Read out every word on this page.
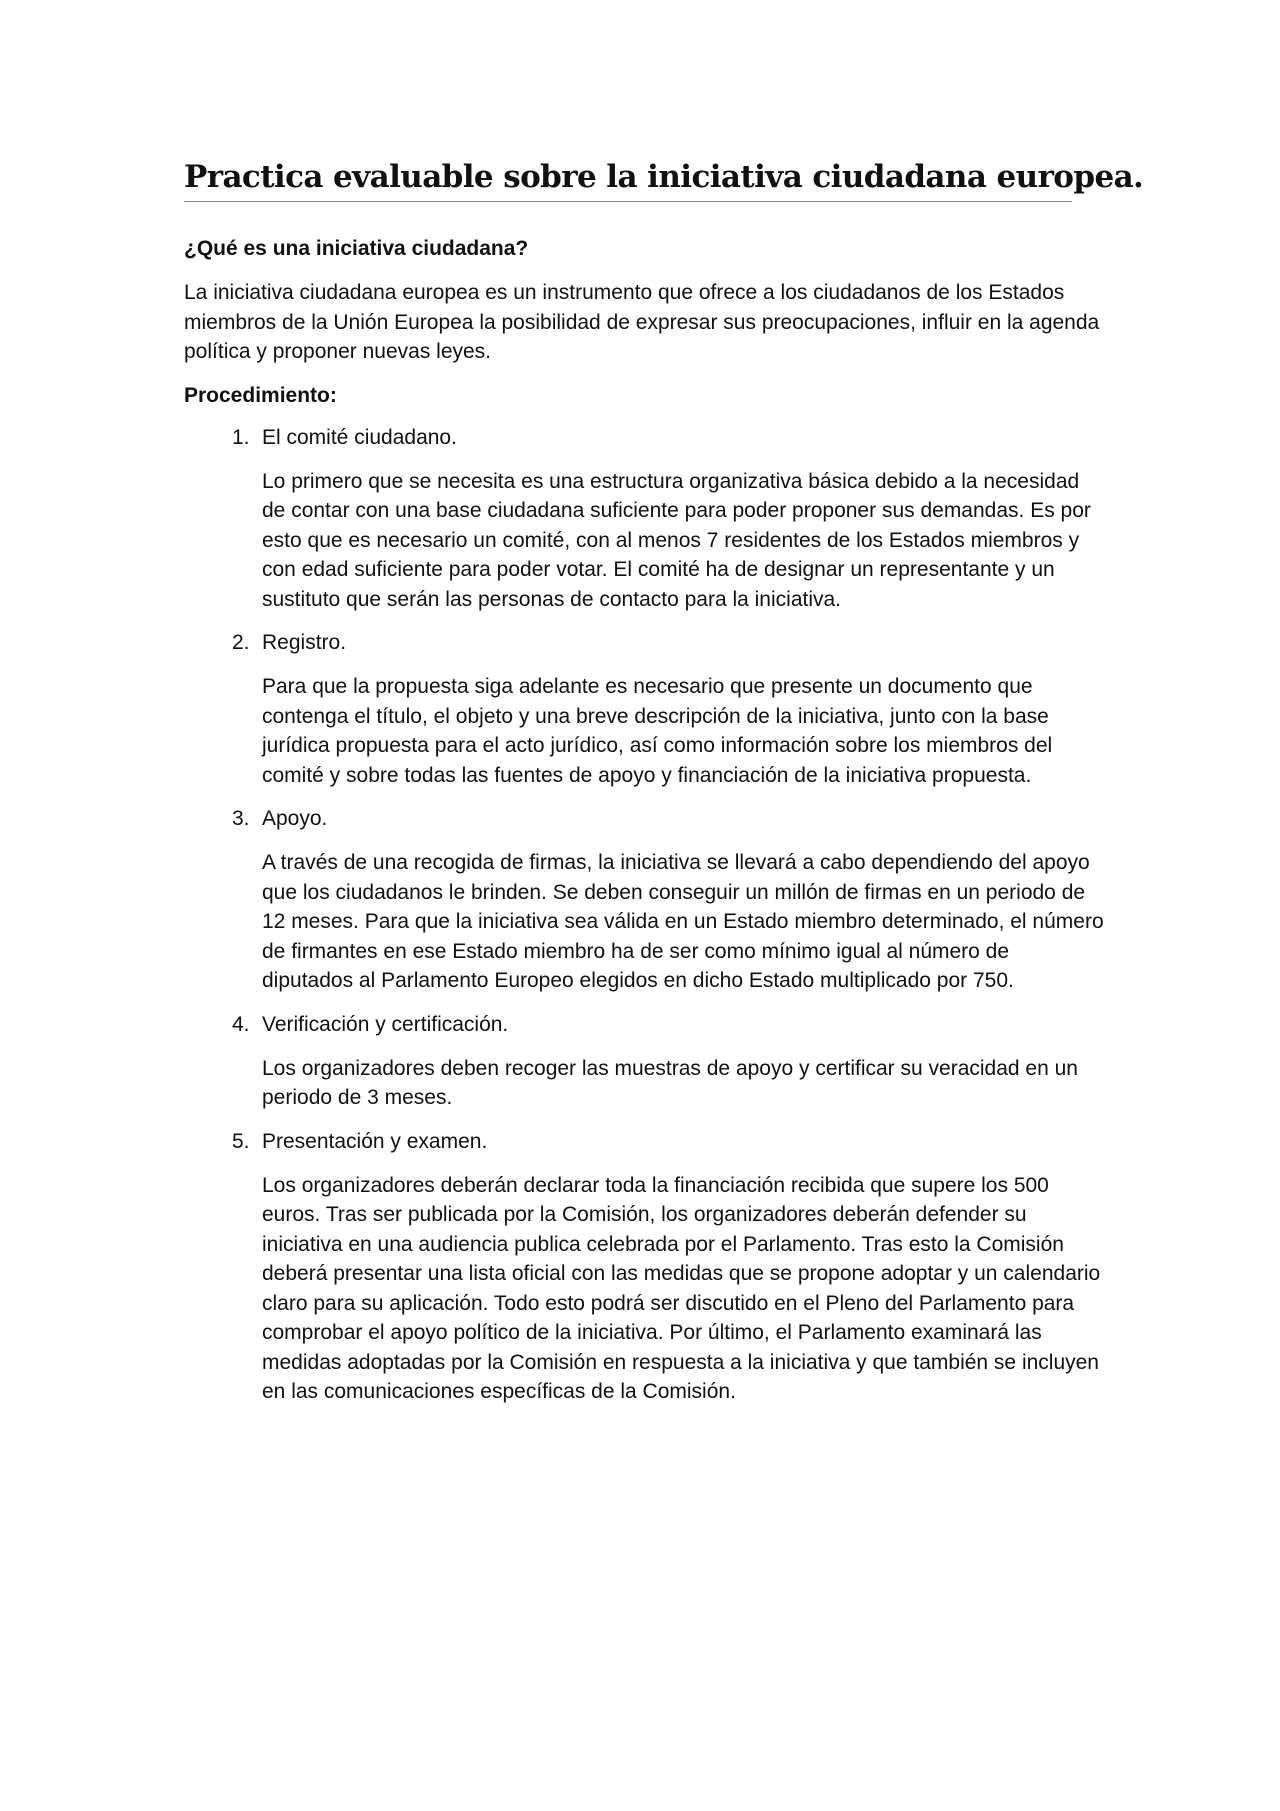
Practica evaluable sobre la iniciativa ciudadana europea.

¿Qué es una iniciativa ciudadana?

La iniciativa ciudadana europea es un instrumento que ofrece a los ciudadanos de los Estados miembros de la Unión Europea la posibilidad de expresar sus preocupaciones, influir en la agenda política y proponer nuevas leyes.

Procedimiento:

1. El comité ciudadano.

Lo primero que se necesita es una estructura organizativa básica debido a la necesidad de contar con una base ciudadana suficiente para poder proponer sus demandas. Es por esto que es necesario un comité, con al menos 7 residentes de los Estados miembros y con edad suficiente para poder votar. El comité ha de designar un representante y un sustituto que serán las personas de contacto para la iniciativa.

2. Registro.

Para que la propuesta siga adelante es necesario que presente un documento que contenga el título, el objeto y una breve descripción de la iniciativa, junto con la base jurídica propuesta para el acto jurídico, así como información sobre los miembros del comité y sobre todas las fuentes de apoyo y financiación de la iniciativa propuesta.

3. Apoyo.

A través de una recogida de firmas, la iniciativa se llevará a cabo dependiendo del apoyo que los ciudadanos le brinden. Se deben conseguir un millón de firmas en un periodo de 12 meses. Para que la iniciativa sea válida en un Estado miembro determinado, el número de firmantes en ese Estado miembro ha de ser como mínimo igual al número de diputados al Parlamento Europeo elegidos en dicho Estado multiplicado por 750.

4. Verificación y certificación.

Los organizadores deben recoger las muestras de apoyo y certificar su veracidad en un periodo de 3 meses.

5. Presentación y examen.

Los organizadores deberán declarar toda la financiación recibida que supere los 500 euros. Tras ser publicada por la Comisión, los organizadores deberán defender su iniciativa en una audiencia publica celebrada por el Parlamento. Tras esto la Comisión deberá presentar una lista oficial con las medidas que se propone adoptar y un calendario claro para su aplicación. Todo esto podrá ser discutido en el Pleno del Parlamento para comprobar el apoyo político de la iniciativa. Por último, el Parlamento examinará las medidas adoptadas por la Comisión en respuesta a la iniciativa y que también se incluyen en las comunicaciones específicas de la Comisión.
